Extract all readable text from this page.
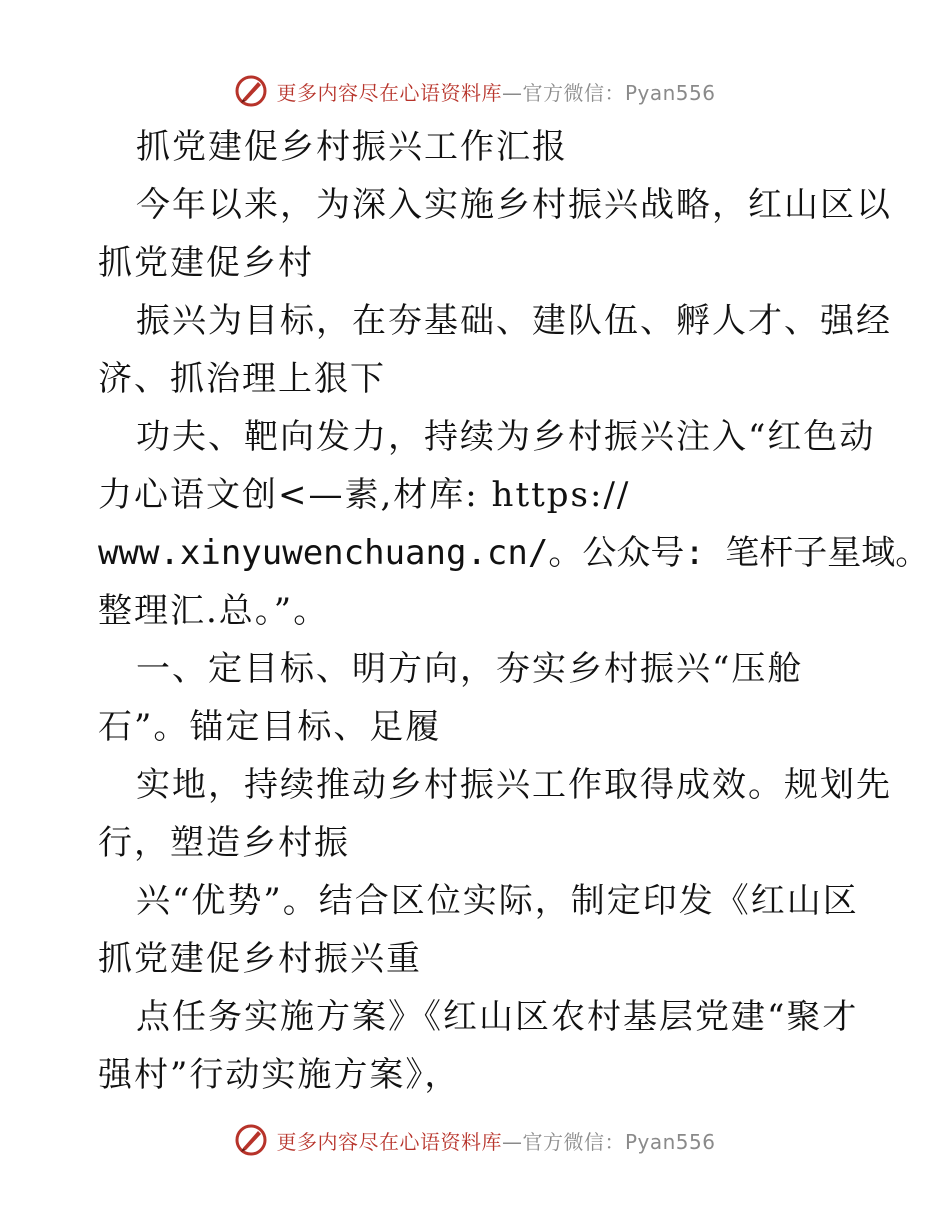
更多内容尽在心语资料库—官方微信：Pyan556
抓党建促乡村振兴工作汇报
今年以来，为深入实施乡村振兴战略，红山区以
抓党建促乡村
振兴为目标，在夯基础、建队伍、孵人才、强经
济、抓治理上狠下
功夫、靶向发力，持续为乡村振兴注入“红色动
力心语文创<—素,材库: https://
www.xinyuwenchuang.cn/。公众号: 笔杆子星域。
整理汇.总。”。
一、定目标、明方向，夯实乡村振兴“压舱
石”。锚定目标、足履
实地，持续推动乡村振兴工作取得成效。规划先
行，塑造乡村振
兴“优势”。结合区位实际，制定印发《红山区
抓党建促乡村振兴重
点任务实施方案》《红山区农村基层党建“聚才
强村”行动实施方案》，
更多内容尽在心语资料库—官方微信：Pyan556
